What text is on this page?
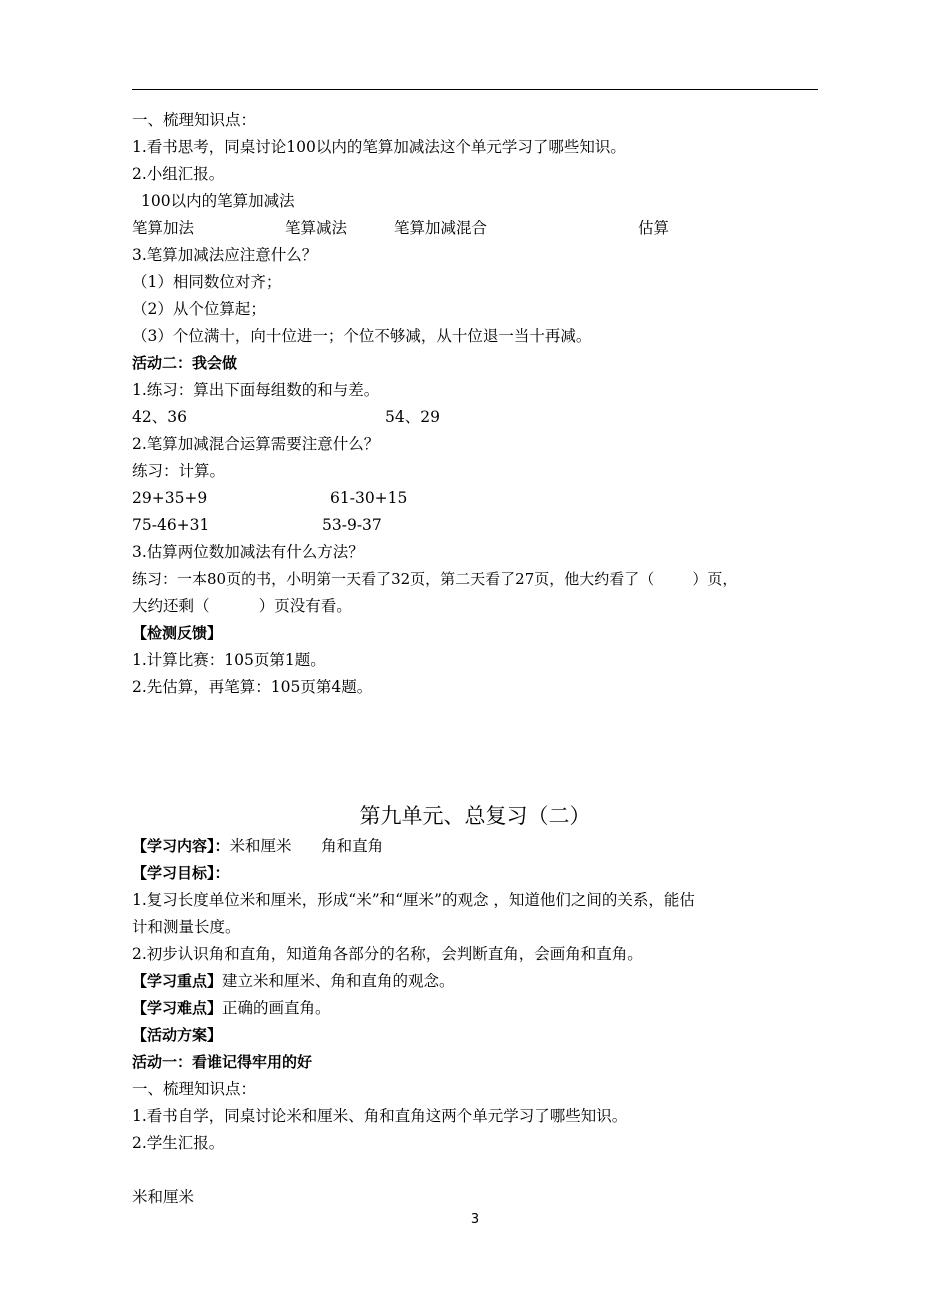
一、梳理知识点：
1.看书思考，同桌讨论100以内的笔算加减法这个单元学习了哪些知识。
2.小组汇报。
100以内的笔算加减法
笔算加法	笔算减法	笔算加减混合	估算
3.笔算加减法应注意什么？
（1）相同数位对齐；
（2）从个位算起；
（3）个位满十，向十位进一；个位不够减，从十位退一当十再减。
活动二：我会做
1.练习：算出下面每组数的和与差。
42、36	54、29
2.笔算加减混合运算需要注意什么？
练习：计算。
29+35+9	61-30+15
75-46+31	53-9-37
3.估算两位数加减法有什么方法？
练习：一本80页的书，小明第一天看了32页，第二天看了27页，他大约看了（        ）页，
大约还剩（          ）页没有看。
【检测反馈】
1.计算比赛：105页第1题。
2.先估算，再笔算：105页第4题。
第九单元、总复习（二）
【学习内容】：米和厘米      角和直角
【学习目标】：
1.复习长度单位米和厘米，形成“米”和“厘米”的观念 ，知道他们之间的关系，能估
计和测量长度。
2.初步认识角和直角，知道角各部分的名称，会判断直角，会画角和直角。
【学习重点】建立米和厘米、角和直角的观念。
【学习难点】正确的画直角。
【活动方案】
活动一：看谁记得牢用的好
一、梳理知识点：
1.看书自学，同桌讨论米和厘米、角和直角这两个单元学习了哪些知识。
2.学生汇报。
米和厘米
3
